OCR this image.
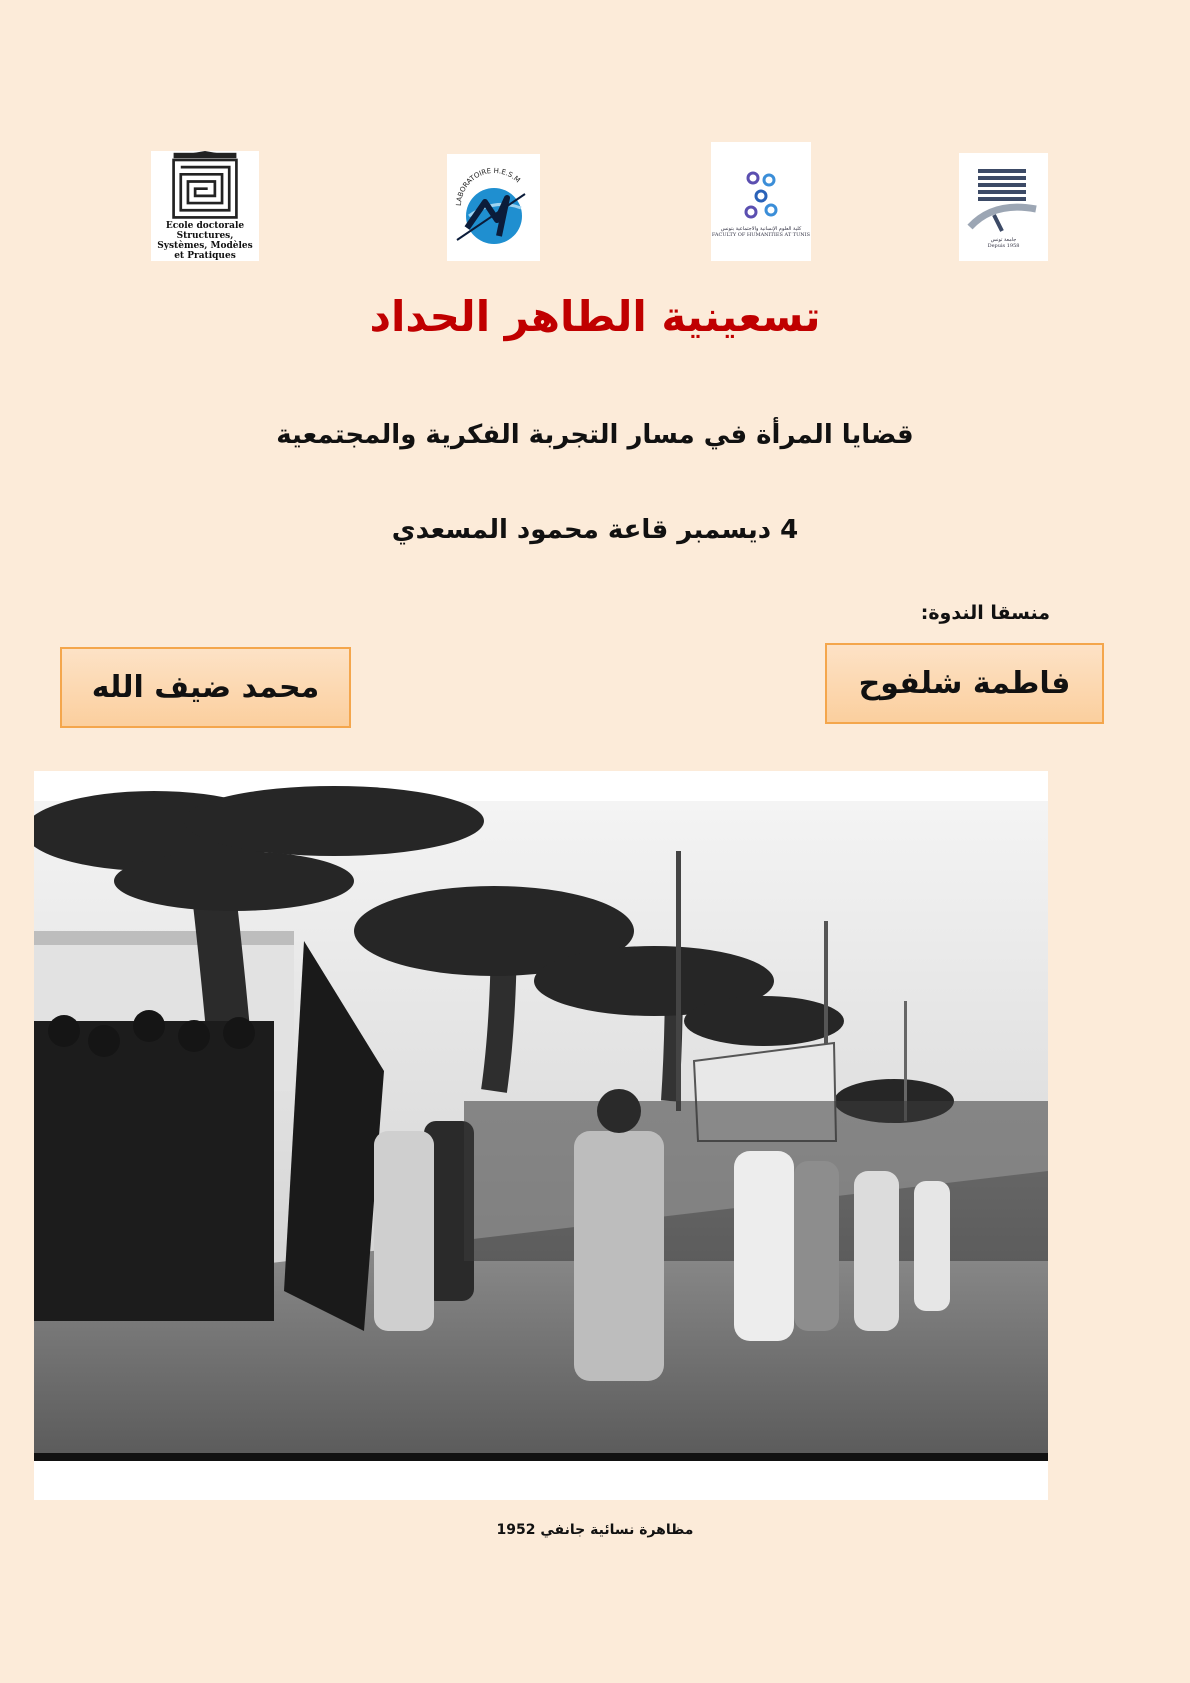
Ecole doctorale Structures,
Systèmes, Modèles et Pratiques
LABORATOIRE H.E.S.M
كلية العلوم الإنسانية والاجتماعية بتونس
FACULTY OF HUMANITIES AT TUNIS
جامعة تونس
Depuis 1958
تسعينية الطاهر الحداد
قضايا المرأة في مسار التجربة الفكرية والمجتمعية
4 ديسمبر قاعة محمود المسعدي
منسقا الندوة:
فاطمة شلفوح
محمد ضيف الله
مظاهرة نسائية جانفي 1952
